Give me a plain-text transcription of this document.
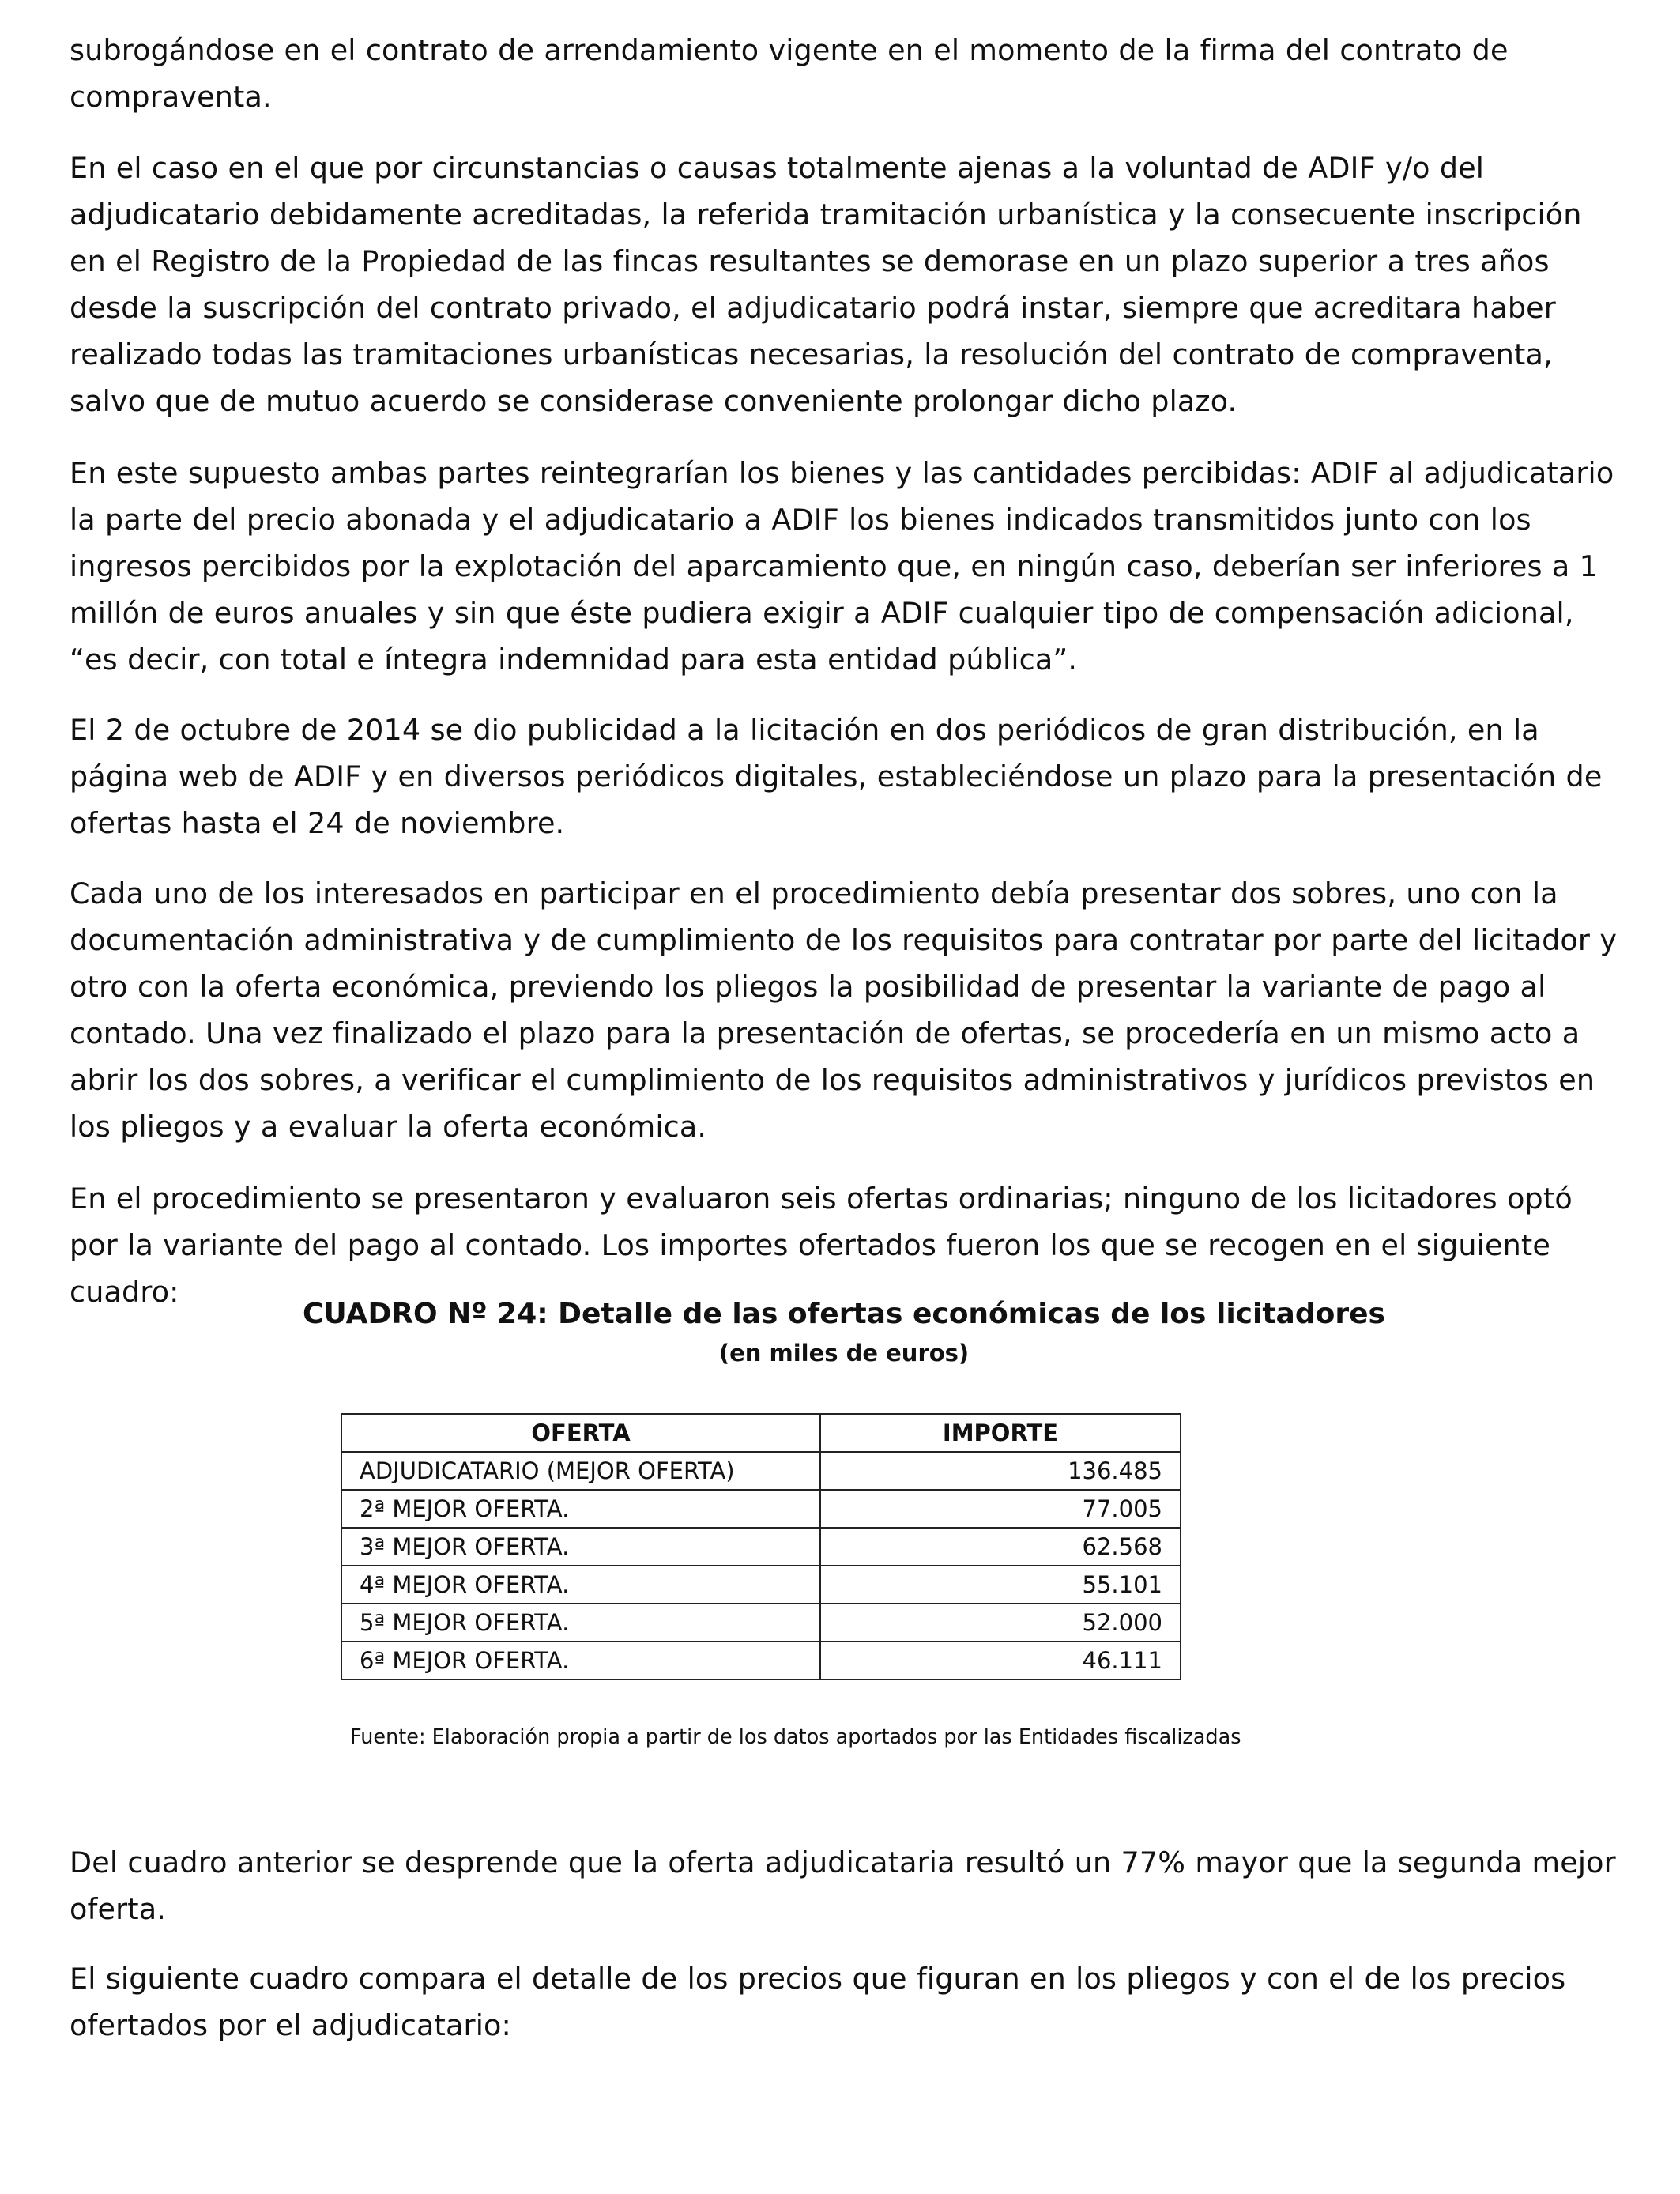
subrogándose en el contrato de arrendamiento vigente en el momento de la firma del contrato de compraventa.

En el caso en el que por circunstancias o causas totalmente ajenas a la voluntad de ADIF y/o del adjudicatario debidamente acreditadas, la referida tramitación urbanística y la consecuente inscripción en el Registro de la Propiedad de las fincas resultantes se demorase en un plazo superior a tres años desde la suscripción del contrato privado, el adjudicatario podrá instar, siempre que acreditara haber realizado todas las tramitaciones urbanísticas necesarias, la resolución del contrato de compraventa, salvo que de mutuo acuerdo se considerase conveniente prolongar dicho plazo.

En este supuesto ambas partes reintegrarían los bienes y las cantidades percibidas: ADIF al adjudicatario la parte del precio abonada y el adjudicatario a ADIF los bienes indicados transmitidos junto con los ingresos percibidos por la explotación del aparcamiento que, en ningún caso, deberían ser inferiores a 1 millón de euros anuales y sin que éste pudiera exigir a ADIF cualquier tipo de compensación adicional, “es decir, con total e íntegra indemnidad para esta entidad pública”.

El 2 de octubre de 2014 se dio publicidad a la licitación en dos periódicos de gran distribución, en la página web de ADIF y en diversos periódicos digitales, estableciéndose un plazo para la presentación de ofertas hasta el 24 de noviembre.

Cada uno de los interesados en participar en el procedimiento debía presentar dos sobres, uno con la documentación administrativa y de cumplimiento de los requisitos para contratar por parte del licitador y otro con la oferta económica, previendo los pliegos la posibilidad de presentar la variante de pago al contado. Una vez finalizado el plazo para la presentación de ofertas, se procedería en un mismo acto a abrir los dos sobres, a verificar el cumplimiento de los requisitos administrativos y jurídicos previstos en los pliegos y a evaluar la oferta económica.

En el procedimiento se presentaron y evaluaron seis ofertas ordinarias; ninguno de los licitadores optó por la variante del pago al contado. Los importes ofertados fueron los que se recogen en el siguiente cuadro:

CUADRO Nº 24: Detalle de las ofertas económicas de los licitadores
(en miles de euros)
OFERTA	IMPORTE
ADJUDICATARIO (MEJOR OFERTA)	136.485
2ª MEJOR OFERTA.	77.005
3ª MEJOR OFERTA.	62.568
4ª MEJOR OFERTA.	55.101
5ª MEJOR OFERTA.	52.000
6ª MEJOR OFERTA.	46.111
Fuente: Elaboración propia a partir de los datos aportados por las Entidades fiscalizadas

Del cuadro anterior se desprende que la oferta adjudicataria resultó un 77% mayor que la segunda mejor oferta.

El siguiente cuadro compara el detalle de los precios que figuran en los pliegos y con el de los precios ofertados por el adjudicatario:
